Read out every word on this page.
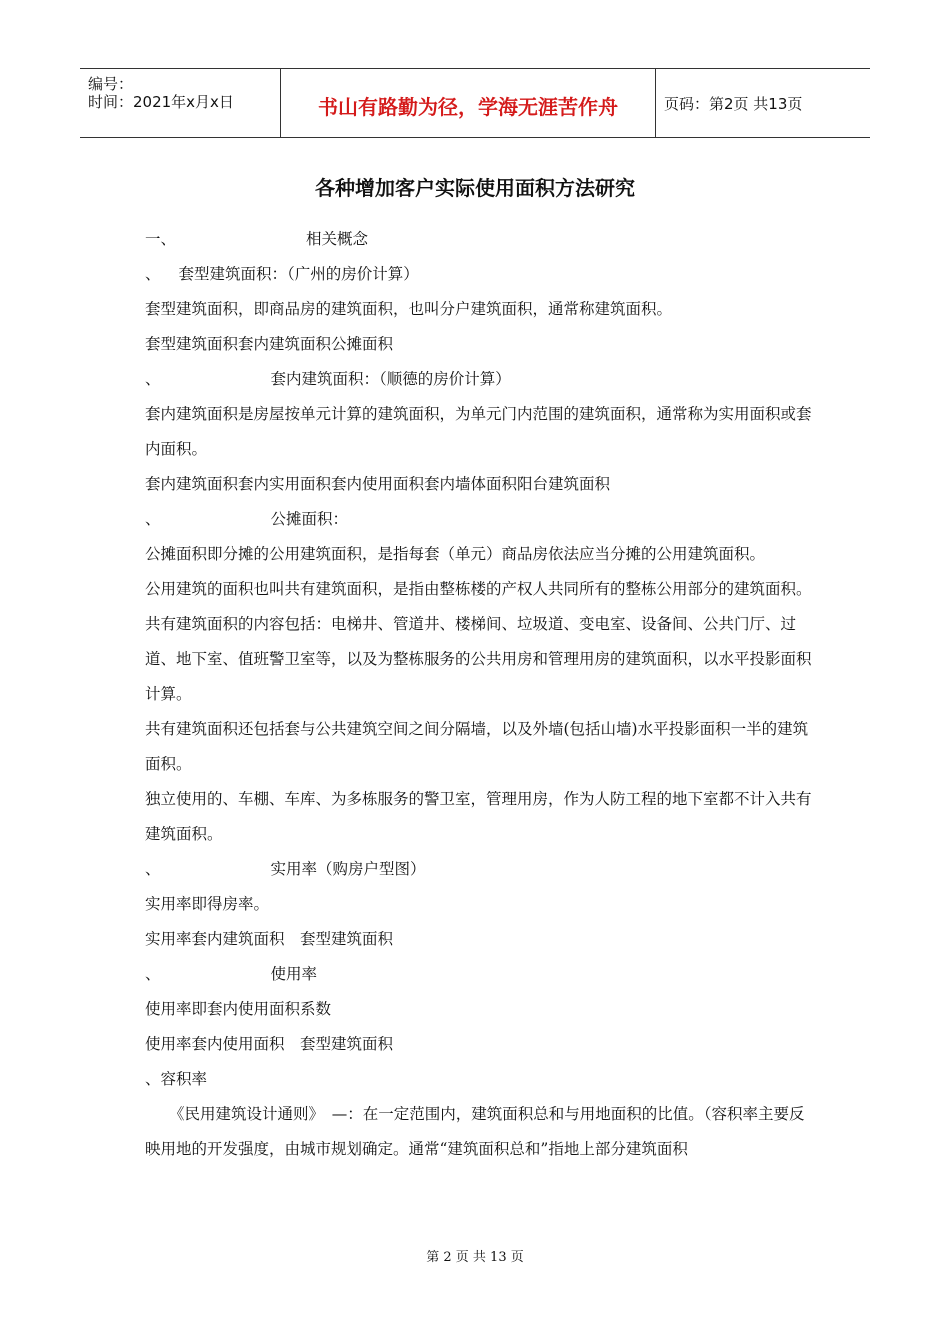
编号：
时间：2021年x月x日	书山有路勤为径，学海无涯苦作舟	页码：第2页 共13页
各种增加客户实际使用面积方法研究

一、	相关概念

、 套型建筑面积：（广州的房价计算）

套型建筑面积，即商品房的建筑面积，也叫分户建筑面积，通常称建筑面积。

套型建筑面积套内建筑面积公摊面积

、	套内建筑面积：（顺德的房价计算）

套内建筑面积是房屋按单元计算的建筑面积，为单元门内范围的建筑面积，通常称为实用面积或套内面积。

套内建筑面积套内实用面积套内使用面积套内墙体面积阳台建筑面积

、	公摊面积：

公摊面积即分摊的公用建筑面积，是指每套（单元）商品房依法应当分摊的公用建筑面积。

公用建筑的面积也叫共有建筑面积，是指由整栋楼的产权人共同所有的整栋公用部分的建筑面积。

共有建筑面积的内容包括：电梯井、管道井、楼梯间、垃圾道、变电室、设备间、公共门厅、过道、地下室、值班警卫室等，以及为整栋服务的公共用房和管理用房的建筑面积，以水平投影面积计算。

共有建筑面积还包括套与公共建筑空间之间分隔墙，以及外墙(包括山墙)水平投影面积一半的建筑面积。

独立使用的、车棚、车库、为多栋服务的警卫室，管理用房，作为人防工程的地下室都不计入共有建筑面积。

、	实用率（购房户型图）

实用率即得房率。

实用率套内建筑面积　套型建筑面积

、	使用率

使用率即套内使用面积系数

使用率套内使用面积　套型建筑面积

、容积率

《民用建筑设计通则》　—：在一定范围内，建筑面积总和与用地面积的比值。（容积率主要反映用地的开发强度，由城市规划确定。通常“建筑面积总和”指地上部分建筑面积

第 2 页 共 13 页
